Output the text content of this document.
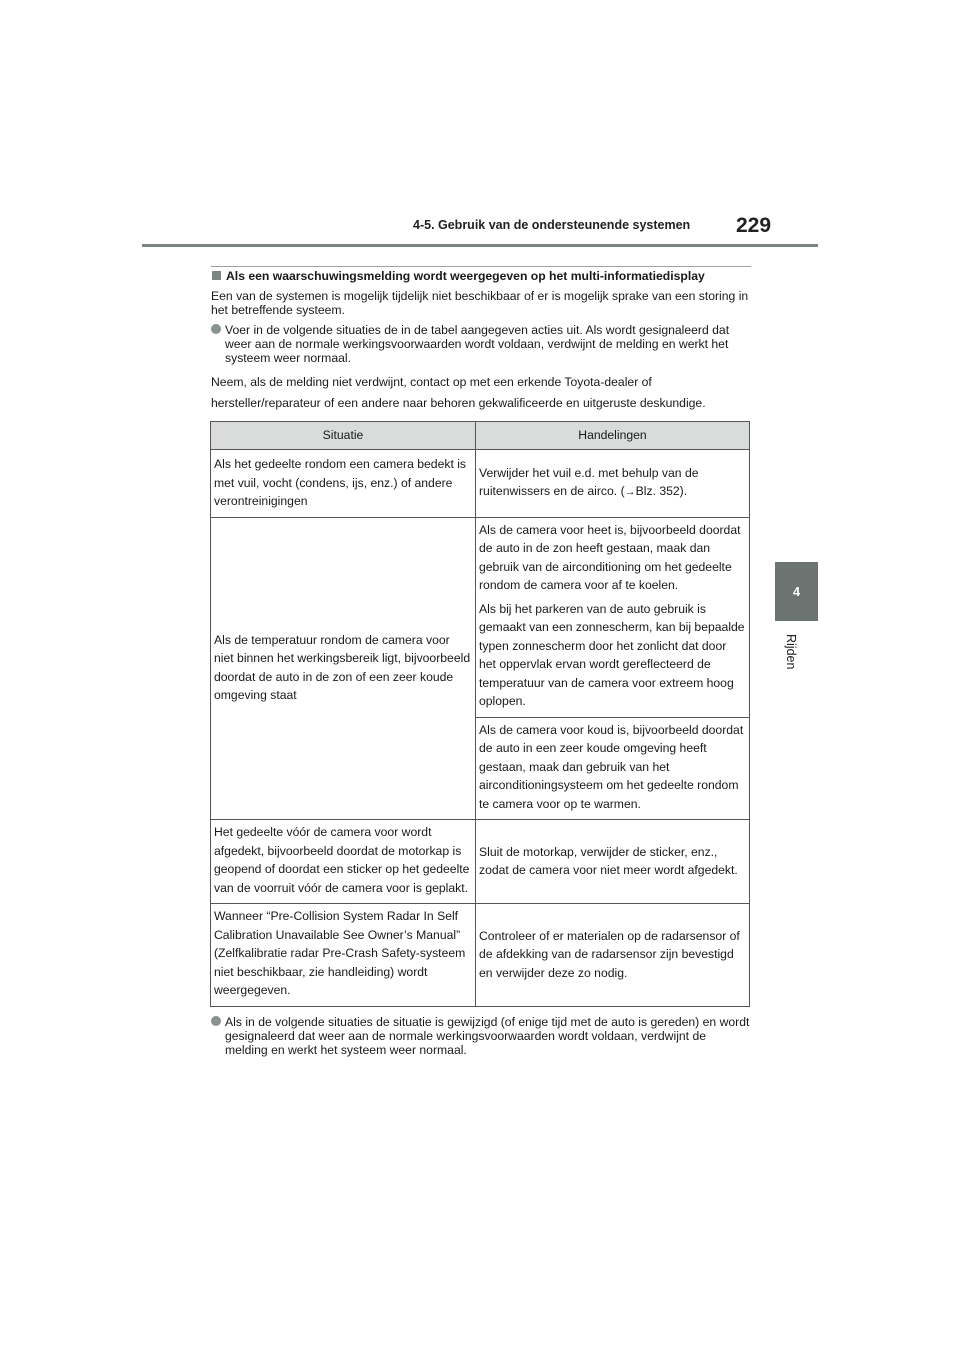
4-5. Gebruik van de ondersteunende systemen 229
4
Rijden
Als een waarschuwingsmelding wordt weergegeven op het multi-informatiedisplay

Een van de systemen is mogelijk tijdelijk niet beschikbaar of er is mogelijk sprake van een storing in het betreffende systeem.

Voer in de volgende situaties de in de tabel aangegeven acties uit. Als wordt gesignaleerd dat weer aan de normale werkingsvoorwaarden wordt voldaan, verdwijnt de melding en werkt het systeem weer normaal.

Neem, als de melding niet verdwijnt, contact op met een erkende Toyota-dealer of hersteller/reparateur of een andere naar behoren gekwalificeerde en uitgeruste deskundige.

Situatie	Handelingen
Als het gedeelte rondom een camera bedekt is met vuil, vocht (condens, ijs, enz.) of andere verontreinigingen	Verwijder het vuil e.d. met behulp van de ruitenwissers en de airco. (→Blz. 352).
Als de temperatuur rondom de camera voor niet binnen het werkingsbereik ligt, bijvoorbeeld doordat de auto in de zon of een zeer koude omgeving staat	Als de camera voor heet is, bijvoorbeeld doordat de auto in de zon heeft gestaan, maak dan gebruik van de airconditioning om het gedeelte rondom de camera voor af te koelen.
Als bij het parkeren van de auto gebruik is gemaakt van een zonnescherm, kan bij bepaalde typen zonnescherm door het zonlicht dat door het oppervlak ervan wordt gereflecteerd de temperatuur van de camera voor extreem hoog oplopen.

	Als de camera voor koud is, bijvoorbeeld doordat de auto in een zeer koude omgeving heeft gestaan, maak dan gebruik van het airconditioningsysteem om het gedeelte rondom te camera voor op te warmen.
Het gedeelte vóór de camera voor wordt afgedekt, bijvoorbeeld doordat de motorkap is geopend of doordat een sticker op het gedeelte van de voorruit vóór de camera voor is geplakt.	Sluit de motorkap, verwijder de sticker, enz., zodat de camera voor niet meer wordt afgedekt.
Wanneer “Pre-Collision System Radar In Self Calibration Unavailable See Owner’s Manual” (Zelfkalibratie radar Pre-Crash Safety-systeem niet beschikbaar, zie handleiding) wordt weergegeven.	Controleer of er materialen op de radarsensor of de afdekking van de radarsensor zijn bevestigd en verwijder deze zo nodig.
Als in de volgende situaties de situatie is gewijzigd (of enige tijd met de auto is gereden) en wordt gesignaleerd dat weer aan de normale werkingsvoorwaarden wordt voldaan, verdwijnt de melding en werkt het systeem weer normaal.
